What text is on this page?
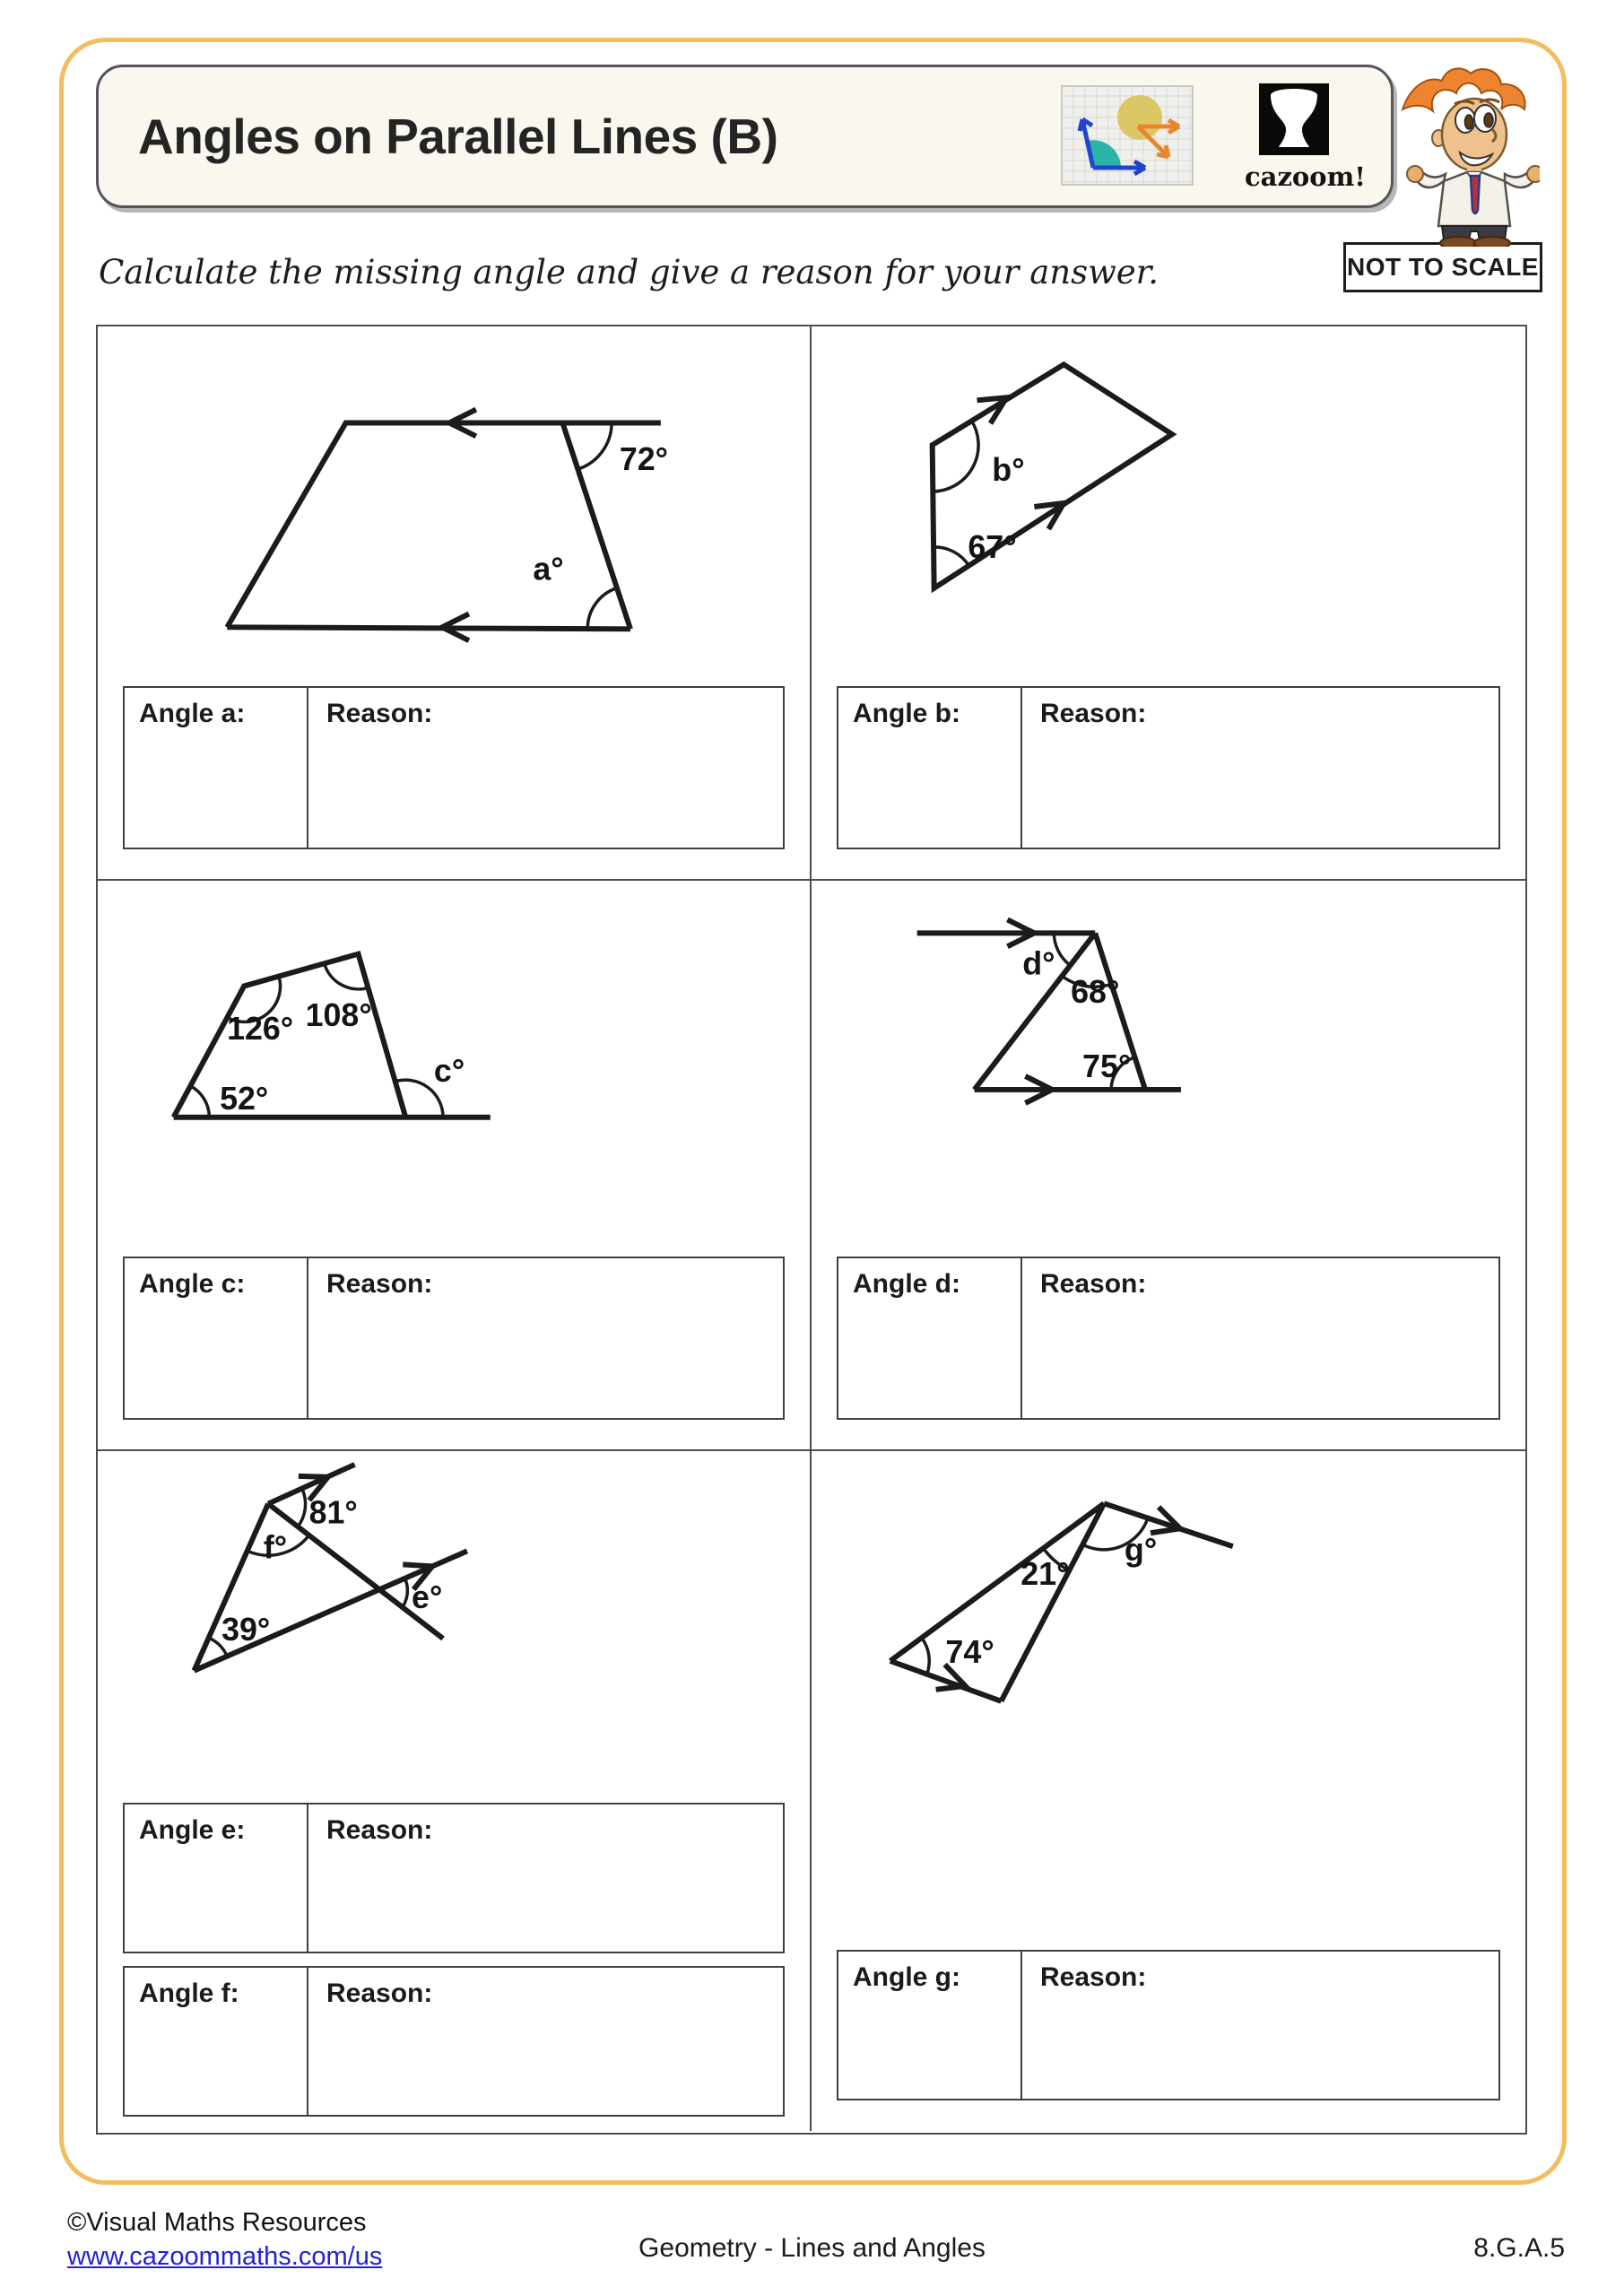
Angles on Parallel Lines (B)
cazoom!
NOT TO SCALE
Calculate the missing angle and give a reason for your answer.
72°
a°
Angle a:	Reason:
b°
67°
Angle b:	Reason:
126° 108°
52°
c°
Angle c:	Reason:
d°
68°
75°
Angle d:	Reason:
81°
f°
39°
e°
Angle e:	Reason:
Angle f:	Reason:
21°
g°
74°
Angle g:	Reason:
©Visual Maths Resources
www.cazoommaths.com/us	Geometry - Lines and Angles	8.G.A.5
